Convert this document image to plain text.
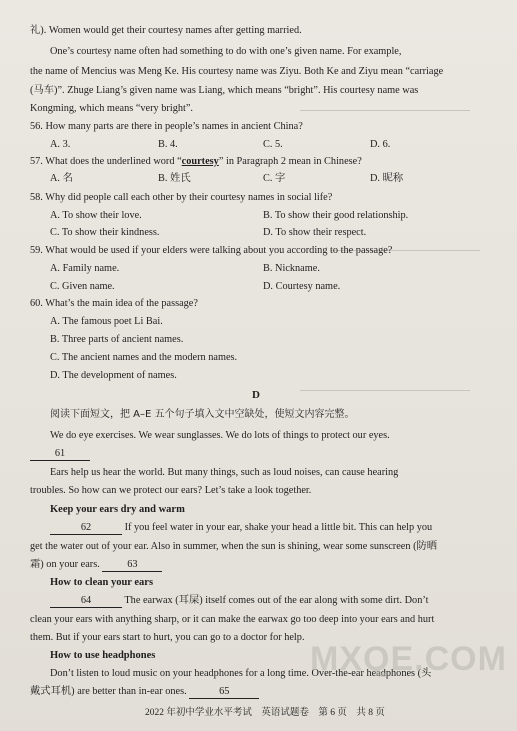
礼). Women would get their courtesy names after getting married.
One’s courtesy name often had something to do with one’s given name. For example,
the name of Mencius was Meng Ke. His courtesy name was Ziyu. Both Ke and Ziyu mean “carriage
(马车)”. Zhuge Liang’s given name was Liang, which means “bright”. His courtesy name was
Kongming, which means “very bright”.
56. How many parts are there in people’s names in ancient China?
A. 3.	B. 4.	C. 5.	D. 6.
57. What does the underlined word “courtesy” in Paragraph 2 mean in Chinese?
A. 名	B. 姓氏	C. 字	D. 昵称
58. Why did people call each other by their courtesy names in social life?
A. To show their love.	B. To show their good relationship.
C. To show their kindness.	D. To show their respect.
59. What would be used if your elders were talking about you according to the passage?
A. Family name.	B. Nickname.
C. Given name.	D. Courtesy name.
60. What’s the main idea of the passage?
A. The famous poet Li Bai.
B. Three parts of ancient names.
C. The ancient names and the modern names.
D. The development of names.
D
阅读下面短文，把 A–E 五个句子填入文中空缺处，使短文内容完整。
We do eye exercises. We wear sunglasses. We do lots of things to protect our eyes.
61
Ears help us hear the world. But many things, such as loud noises, can cause hearing
troubles. So how can we protect our ears? Let’s take a look together.
Keep your ears dry and warm
62	If you feel water in your ear, shake your head a little bit. This can help you
get the water out of your ear. Also in summer, when the sun is shining, wear some sunscreen (防晒
霜) on your ears.	63
How to clean your ears
64	The earwax (耳屎) itself comes out of the ear along with some dirt. Don’t
clean your ears with anything sharp, or it can make the earwax go too deep into your ears and hurt
them. But if your ears start to hurt, you can go to a doctor for help.
How to use headphones
Don’t listen to loud music on your headphones for a long time. Over-the-ear headphones (头
戴式耳机) are better than in-ear ones.	65
2022 年初中学业水平考试　英语试题卷　第 6 页　共 8 页
MXQE.COM
